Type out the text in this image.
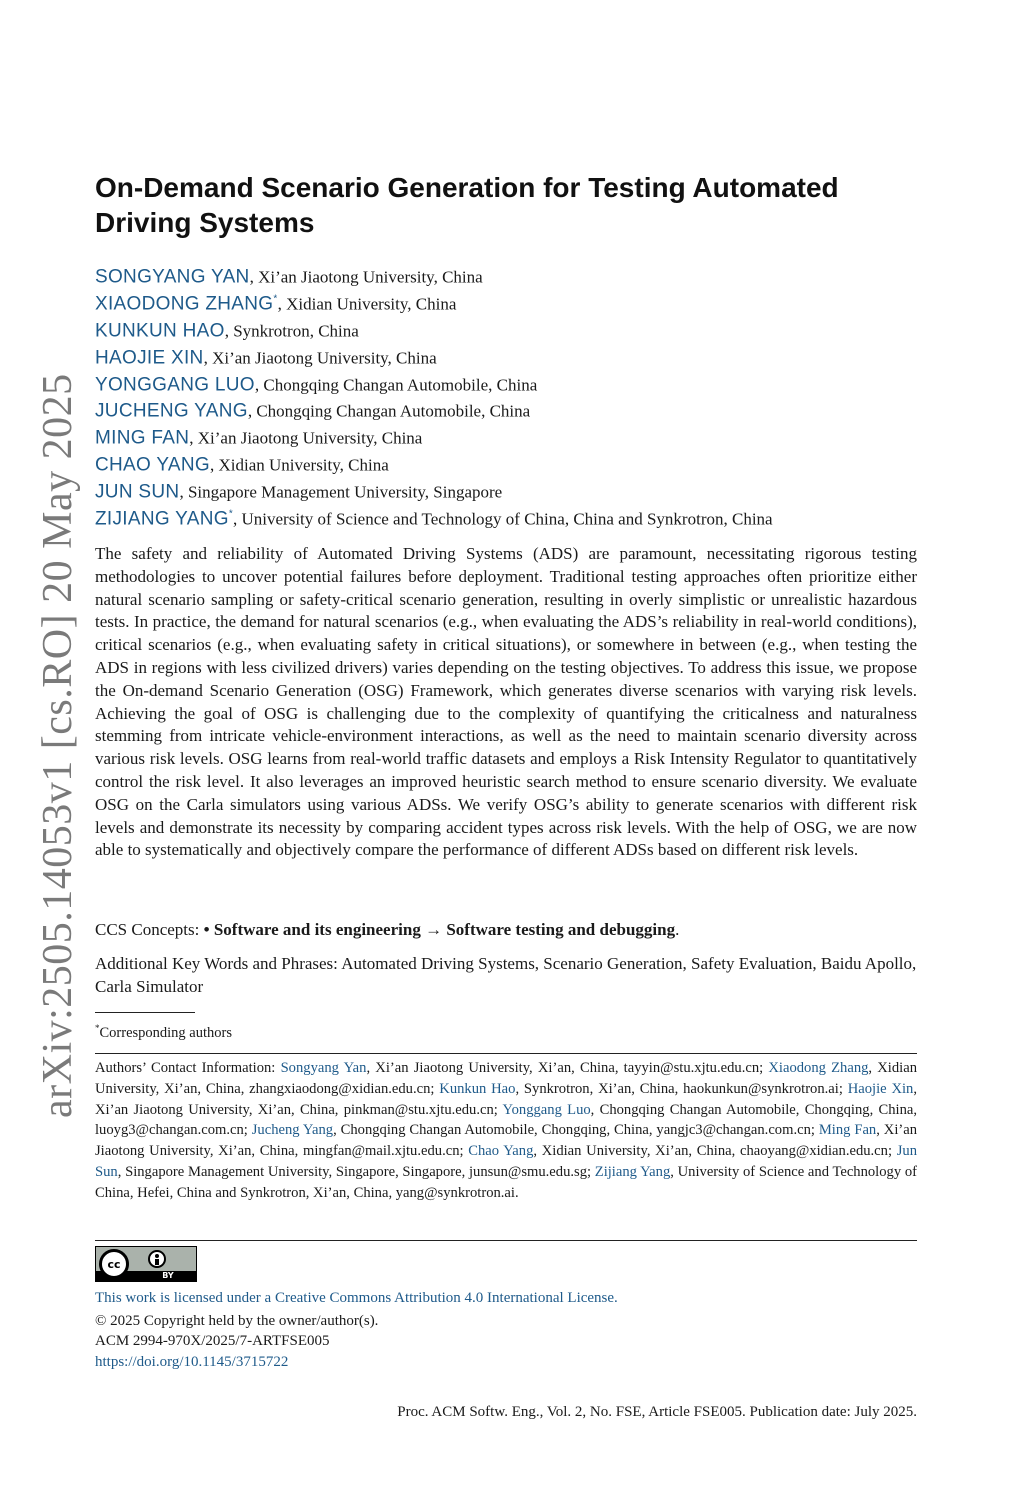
arXiv:2505.14053v1 [cs.RO] 20 May 2025
On-Demand Scenario Generation for Testing Automated Driving Systems
SONGYANG YAN, Xi’an Jiaotong University, China
XIAODONG ZHANG*, Xidian University, China
KUNKUN HAO, Synkrotron, China
HAOJIE XIN, Xi’an Jiaotong University, China
YONGGANG LUO, Chongqing Changan Automobile, China
JUCHENG YANG, Chongqing Changan Automobile, China
MING FAN, Xi’an Jiaotong University, China
CHAO YANG, Xidian University, China
JUN SUN, Singapore Management University, Singapore
ZIJIANG YANG*, University of Science and Technology of China, China and Synkrotron, China

The safety and reliability of Automated Driving Systems (ADS) are paramount, necessitating rigorous testing methodologies to uncover potential failures before deployment. Traditional testing approaches often prioritize either natural scenario sampling or safety-critical scenario generation, resulting in overly simplistic or unrealistic hazardous tests. In practice, the demand for natural scenarios (e.g., when evaluating the ADS’s reliability in real-world conditions), critical scenarios (e.g., when evaluating safety in critical situations), or somewhere in between (e.g., when testing the ADS in regions with less civilized drivers) varies depending on the testing objectives. To address this issue, we propose the On-demand Scenario Generation (OSG) Framework, which generates diverse scenarios with varying risk levels. Achieving the goal of OSG is challenging due to the complexity of quantifying the criticalness and naturalness stemming from intricate vehicle-environment interactions, as well as the need to maintain scenario diversity across various risk levels. OSG learns from real-world traffic datasets and employs a Risk Intensity Regulator to quantitatively control the risk level. It also leverages an improved heuristic search method to ensure scenario diversity. We evaluate OSG on the Carla simulators using various ADSs. We verify OSG’s ability to generate scenarios with different risk levels and demonstrate its necessity by comparing accident types across risk levels. With the help of OSG, we are now able to systematically and objectively compare the performance of different ADSs based on different risk levels.

CCS Concepts: • Software and its engineering → Software testing and debugging.

Additional Key Words and Phrases: Automated Driving Systems, Scenario Generation, Safety Evaluation, Baidu Apollo, Carla Simulator

*Corresponding authors

Authors’ Contact Information: Songyang Yan, Xi’an Jiaotong University, Xi’an, China, tayyin@stu.xjtu.edu.cn; Xiaodong Zhang, Xidian University, Xi’an, China, zhangxiaodong@xidian.edu.cn; Kunkun Hao, Synkrotron, Xi’an, China, haokunkun@synkrotron.ai; Haojie Xin, Xi’an Jiaotong University, Xi’an, China, pinkman@stu.xjtu.edu.cn; Yonggang Luo, Chongqing Changan Automobile, Chongqing, China, luoyg3@changan.com.cn; Jucheng Yang, Chongqing Changan Automobile, Chongqing, China, yangjc3@changan.com.cn; Ming Fan, Xi’an Jiaotong University, Xi’an, China, mingfan@mail.xjtu.edu.cn; Chao Yang, Xidian University, Xi’an, China, chaoyang@xidian.edu.cn; Jun Sun, Singapore Management University, Singapore, Singapore, junsun@smu.edu.sg; Zijiang Yang, University of Science and Technology of China, Hefei, China and Synkrotron, Xi’an, China, yang@synkrotron.ai.

cc
BY

This work is licensed under a Creative Commons Attribution 4.0 International License.

© 2025 Copyright held by the owner/author(s).

ACM 2994-970X/2025/7-ARTFSE005

https://doi.org/10.1145/3715722

Proc. ACM Softw. Eng., Vol. 2, No. FSE, Article FSE005. Publication date: July 2025.
